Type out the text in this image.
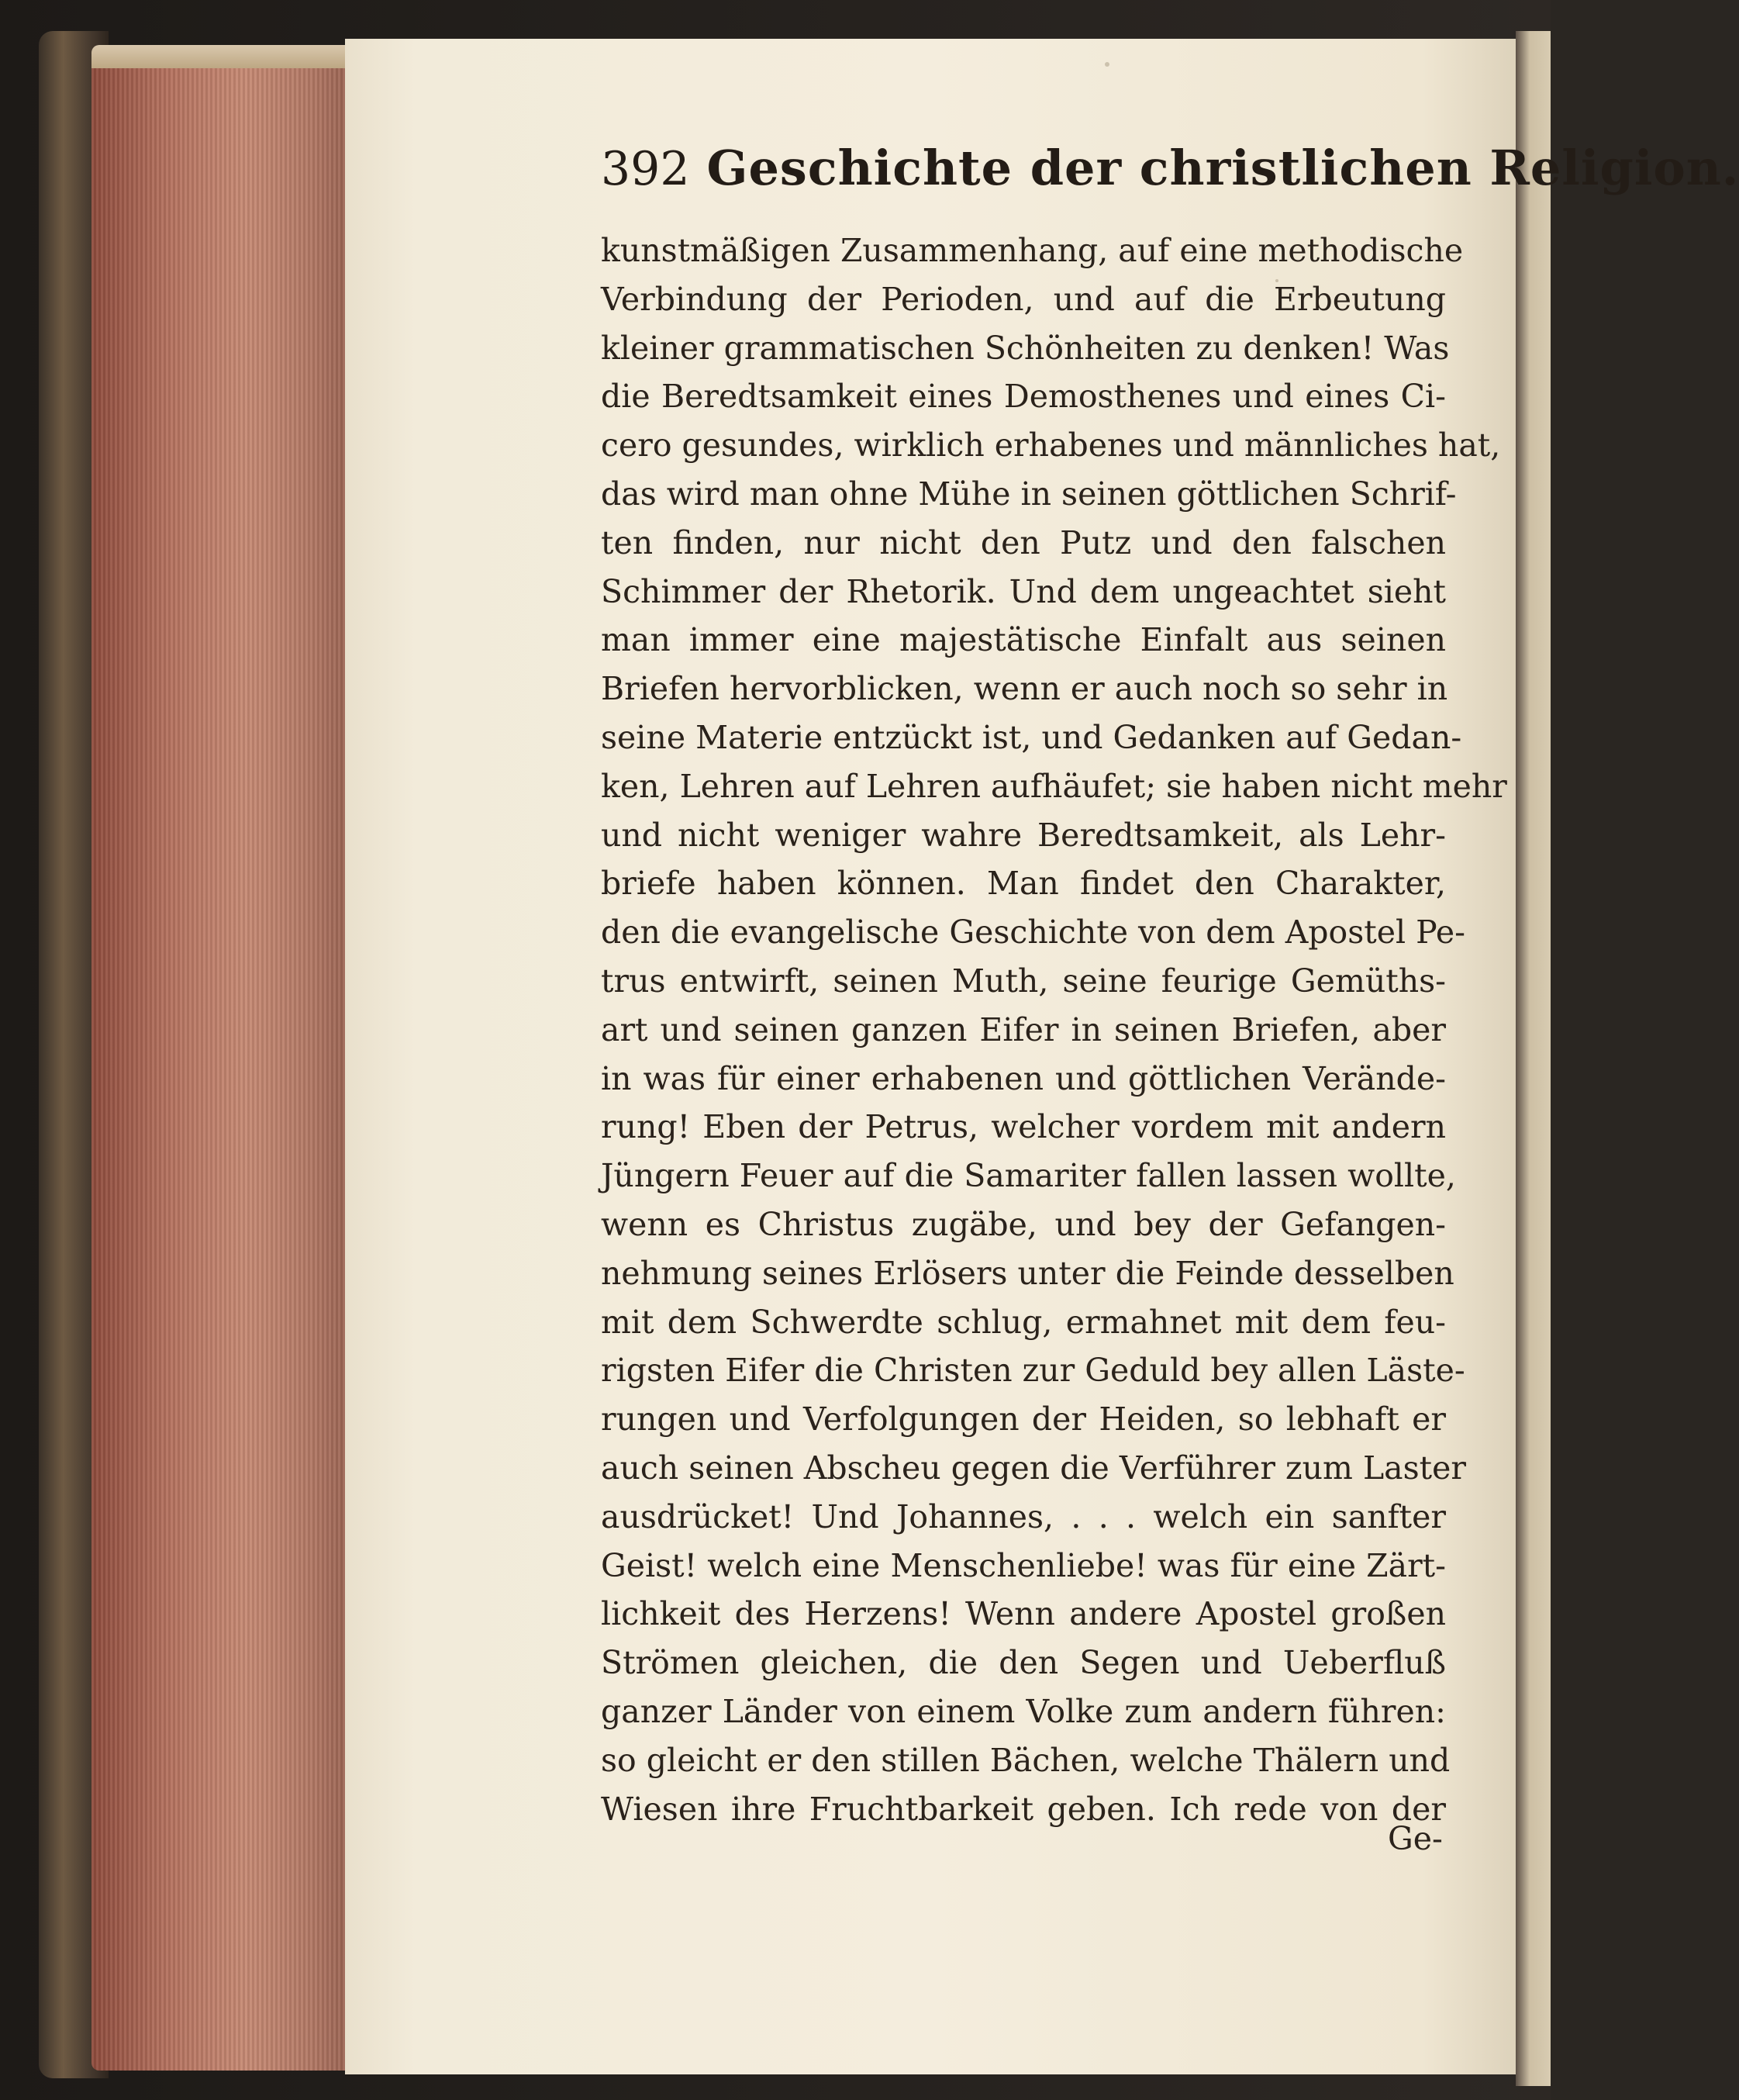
392 Geschichte der christlichen Religion.
kunstmäßigen Zusammenhang, auf eine methodische
Verbindung der Perioden, und auf die Erbeutung
kleiner grammatischen Schönheiten zu denken! Was
die Beredtsamkeit eines Demosthenes und eines Ci-
cero gesundes, wirklich erhabenes und männliches hat,
das wird man ohne Mühe in seinen göttlichen Schrif-
ten finden, nur nicht den Putz und den falschen
Schimmer der Rhetorik. Und dem ungeachtet sieht
man immer eine majestätische Einfalt aus seinen
Briefen hervorblicken, wenn er auch noch so sehr in
seine Materie entzückt ist, und Gedanken auf Gedan-
ken, Lehren auf Lehren aufhäufet; sie haben nicht mehr
und nicht weniger wahre Beredtsamkeit, als Lehr-
briefe haben können. Man findet den Charakter,
den die evangelische Geschichte von dem Apostel Pe-
trus entwirft, seinen Muth, seine feurige Gemüths-
art und seinen ganzen Eifer in seinen Briefen, aber
in was für einer erhabenen und göttlichen Verände-
rung! Eben der Petrus, welcher vordem mit andern
Jüngern Feuer auf die Samariter fallen lassen wollte,
wenn es Christus zugäbe, und bey der Gefangen-
nehmung seines Erlösers unter die Feinde desselben
mit dem Schwerdte schlug, ermahnet mit dem feu-
rigsten Eifer die Christen zur Geduld bey allen Läste-
rungen und Verfolgungen der Heiden, so lebhaft er
auch seinen Abscheu gegen die Verführer zum Laster
ausdrücket! Und Johannes, . . . welch ein sanfter
Geist! welch eine Menschenliebe! was für eine Zärt-
lichkeit des Herzens! Wenn andere Apostel großen
Strömen gleichen, die den Segen und Ueberfluß
ganzer Länder von einem Volke zum andern führen:
so gleicht er den stillen Bächen, welche Thälern und
Wiesen ihre Fruchtbarkeit geben. Ich rede von der
Ge-
